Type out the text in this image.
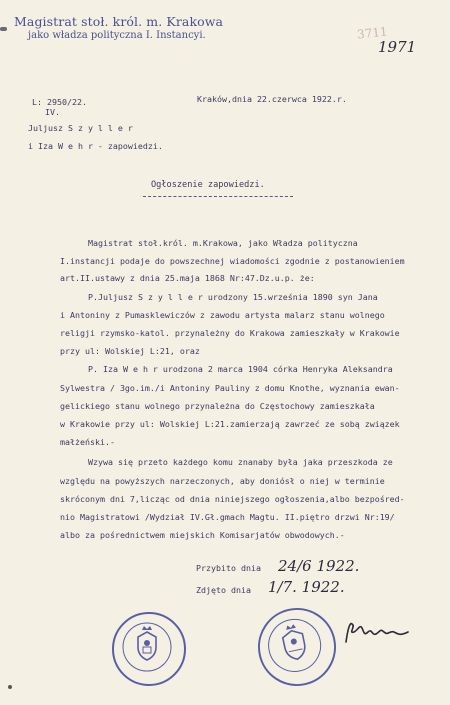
Magistrat stoł. król. m. Krakowa
jako władza polityczna I. Instancyi.	3711
1971
L: 2950/22.
IV.
Kraków,dnia 22.czerwca 1922.r.
Juljusz S z y l l e r
i Iza W e h r - zapowiedzi.
Ogłoszenie zapowiedzi.
Magistrat stoł.król. m.Krakowa, jako Władza polityczna
I.instancji podaje do powszechnej wiadomości zgodnie z postanowieniem
art.II.ustawy z dnia 25.maja 1868 Nr:47.Dz.u.p. że:
P.Juljusz S z y l l e r urodzony 15.września 1890 syn Jana
i Antoniny z Pumasklewiczów z zawodu artysta malarz stanu wolnego
religji rzymsko-katol. przynależny do Krakowa zamieszkały w Krakowie
przy ul: Wolskiej L:21, oraz
P. Iza W e h r urodzona 2 marca 1904 córka Henryka Aleksandra
Sylwestra / 3go.im./i Antoniny Pauliny z domu Knothe, wyznania ewan-
gelickiego stanu wolnego przynależna do Częstochowy zamieszkała
w Krakowie przy ul: Wolskiej L:21.zamierzają zawrzeć ze sobą związek
małżeński.-
Wzywa się przeto każdego komu znanaby była jaka przeszkoda ze
względu na powyższych narzeczonych, aby doniósł o niej w terminie
skróconym dni 7,licząc od dnia niniejszego ogłoszenia,albo bezpośred-
nio Magistratowi /Wydział IV.Gł.gmach Magtu. II.piętro drzwi Nr:19/
albo za pośrednictwem miejskich Komisarjatów obwodowych.-
Przybito dnia 24/6 1922.
Zdjęto dnia 1/7. 1922.
